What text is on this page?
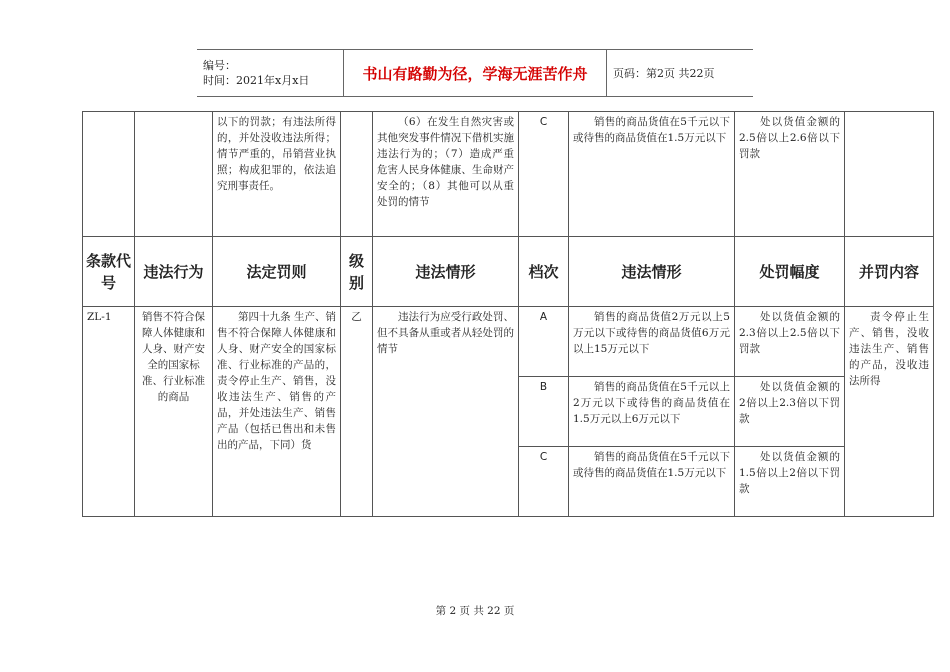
编号：
时间：2021年x月x日	书山有路勤为径，学海无涯苦作舟	页码：第2页 共22页
		以下的罚款；有违法所得的，并处没收违法所得；情节严重的，吊销营业执照；构成犯罪的，依法追究刑事责任。		（6）在发生自然灾害或其他突发事件情况下借机实施违法行为的；（7）造成严重危害人民身体健康、生命财产安全的；（8）其他可以从重处罚的情节	C	销售的商品货值在5千元以下或待售的商品货值在1.5万元以下	处以货值金额的2.5倍以上2.6倍以下罚款	
条款代号	违法行为	法定罚则	级别	违法情形	档次	违法情形	处罚幅度	并罚内容
ZL-1	销售不符合保障人体健康和人身、财产安全的国家标准、行业标准的商品	第四十九条 生产、销售不符合保障人体健康和人身、财产安全的国家标准、行业标准的产品的，责令停止生产、销售，没收违法生产、销售的产品，并处违法生产、销售产品（包括已售出和未售出的产品，下同）货	乙	违法行为应受行政处罚、但不具备从重或者从轻处罚的情节	A	销售的商品货值2万元以上5万元以下或待售的商品货值6万元以上15万元以下	处以货值金额的2.3倍以上2.5倍以下罚款	责令停止生产、销售，没收违法生产、销售的产品，没收违法所得
					B	销售的商品货值在5千元以上2万元以下或待售的商品货值在1.5万元以上6万元以下	处以货值金额的2倍以上2.3倍以下罚款	
					C	销售的商品货值在5千元以下或待售的商品货值在1.5万元以下	处以货值金额的1.5倍以上2倍以下罚款	
第 2 页 共 22 页
